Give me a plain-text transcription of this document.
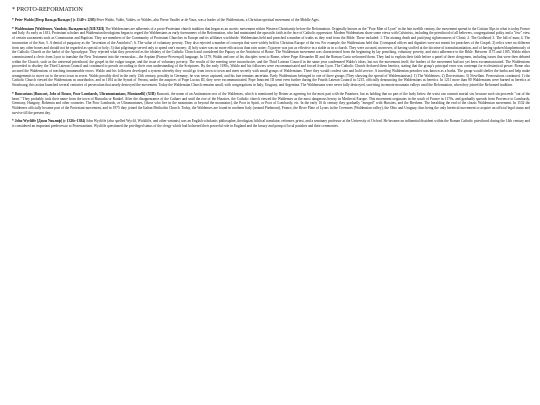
* PROTO-REFORMATION
* Peter Waldo [Петр Вальдо/Вальдес] (c 1140-c 1205) Peter Waldo, Valdo, Valdes, or Waldes, also Pierre Vaudès or de Vaux, was a leader of the Waldensians, a Christian spiritual movement of the Middle Ages.
* Waldensians [Waldenses, Vaudois; Вальденсы] (XII/XIII) The Waldensians are adherents of a proto-Protestant church tradition that began as an ascetic movement within Western Christianity before the Reformation. Originally known as the "Poor Men of Lyon" in the late twelfth century, the movement spread to the Cottian Alps in what is today France and Italy. As early as 1631, Protestant scholars and Waldensian theologians began to regard the Waldensians as early forerunners of the Reformation, who had maintained the apostolic faith in the face of Catholic oppression. Modern Waldensians share some views with Calvinists, including the priesthood of all believers, congregational polity and a "few" view of certain sacraments such as Communion and Baptism. They are members of the Community of Protestant Churches in Europe and its affiliates worldwide. Waldensians held and preached a number of truths as they read from the Bible. These included: 1. The atoning death and justifying righteousness of Christ; 2. The Godhead; 3. The fall of man; 4. The incarnation of the Son; 5. A denial of purgatory as the "invention of the Antichrist"; 6. The value of voluntary poverty. They also rejected a number of concepts that were widely held in Christian Europe of the era. For example, the Waldensians held that 1) temporal offices and dignities were not meant for preachers of the Gospel; 2) relics were no different from any other bones and should not be regarded as special or holy; 3) that pilgrimage served only to spend one's money; 4) holy water was no more efficacious than rain water; 5) prayer was just as effective in a stable as in a church. They were accused, moreover, of having scoffed at the doctrine of transubstantiation, and of having spoken blasphemously of the Catholic Church as the harlot of the Apocalypse. They rejected what they perceived as the idolatry of the Catholic Church and considered the Papacy as the Antichrist of Rome. The Waldensian movement was characterized from the beginning by lay preaching, voluntary poverty, and strict adherence to the Bible. Between 1175 and 1185, Waldo either commissioned a cleric from Lyon to translate the New Testament into the vernacular—the Arpitan (Franco-Provençal) language. In 1179, Waldo and one of his disciples went to Rome, where Pope Alexander III and the Roman Curia welcomed them. They had to explain their faith before a panel of three clergymen, including issues that were then debated within the Church, such as the universal priesthood, the gospel in the vulgar tongue, and the issue of voluntary poverty. The results of the meeting were inconclusive, and the Third Lateran Council in the same year condemned Waldo's ideas, but not the movement itself; the leaders of the movement had not yet been excommunicated. The Waldensians proceeded to disobey the Third Lateran Council and continued to preach according to their own understanding of the Scriptures. By the early 1180s, Waldo and his followers were excommunicated and forced from Lyon. The Catholic Church declared them heretics, stating that the group's principal error was contempt for ecclesiastical power. Rome also accused the Waldensians of teaching innumerable errors. Waldo and his followers developed a system whereby they would go from town to town and meet secretly with small groups of Waldensians. There they would confess sins and hold service. A traveling Waldensian preacher was known as a barba. The group would shelter the barba and help make arrangements to move on to the next town in secret. Waldo possibly died in the early 13th century, possibly in Germany; he was never captured, and his fate remains uncertain. Early Waldensians belonged to one of three groups [They showing the spread of Waldensianism]: 1) The Waldenses; 2) Dorcestrians; 3) Novellani. Persecutions continued, 1) the Catholic Church viewed the Waldensians as unorthodox, and in 1184 at the Synod of Verona, under the auspices of Pope Lucius III, they were excommunicated. Pope Innocent III went even further during the Fourth Lateran Council in 1215, officially denouncing the Waldensians as heretics. In 1211 more than 80 Waldensians were burned as heretics at Strasbourg; this action launched several centuries of persecution that nearly destroyed the movement. Today the Waldensian Church remains small, with congregations in Italy, Uruguay, and Argentina. The Waldensians were never fully destroyed, surviving in remote mountain valleys until the Reformation, when they joined the Reformed tradition.
* Runcarians [Runcari, Jobs of Rouco, Poor Lombards, Ultramontanians, Montanelli] (XIII) Runcarii, the name of an Antinomian sect of the Waldenses, which is mentioned by Reiner as agreeing for the most part with the Patarines, but as holding that no part of the body below the waist can commit mortal sin, because such sin proceeds "out of the heart." They probably took their name from the town of Runcalia or Runkel. After the disappearance of the Cathars and until the rise of the Hussites, the Catholic church viewed the Waldenses as the most dangerous heresy in Medieval Europe. This movement originates in the south of France in 1170s, and gradually spreads from Provence to Lombardy, Germany, Hungary, Bohemia and other countries. The Poor Lombards, or Ultramontanes, [those who live in the mountains or beyond the mountains], the Poor in Spirit, or Poor of Lombardy, etc. In the early 16 th century they gradually "merged" with Hussites, and the Brethren. The heralding the end of the classic Waldensian movement. In 1532 the Waldenses officially became part of the Protestant movement, and in 1975 they joined the Italian Methodist Church. Today, the Waldenses are found in northern Italy (around Piedmont), France, the River Plate of Lyons in the Cevennes (Waldensian valley), the Ohio and Uruguay, thus being the only heretical movement to acquire an official legal status and survive till the present day.
* John Wycliffe [Джон Уиклиф] (c 1326c-1384) John Wycliffe (also spelled Wyclif, Wickliffe, and other variants) was an English scholastic philosopher, theologian, biblical translator, reformer, priest, and a seminary professor at the University of Oxford. He became an influential dissident within the Roman Catholic priesthood during the 14th century and is considered an important predecessor to Protestantism. Wycliffe questioned the privileged status of the clergy which had bolstered their powerful role in England and the luxury and pomp of local parishes and their ceremonies.
